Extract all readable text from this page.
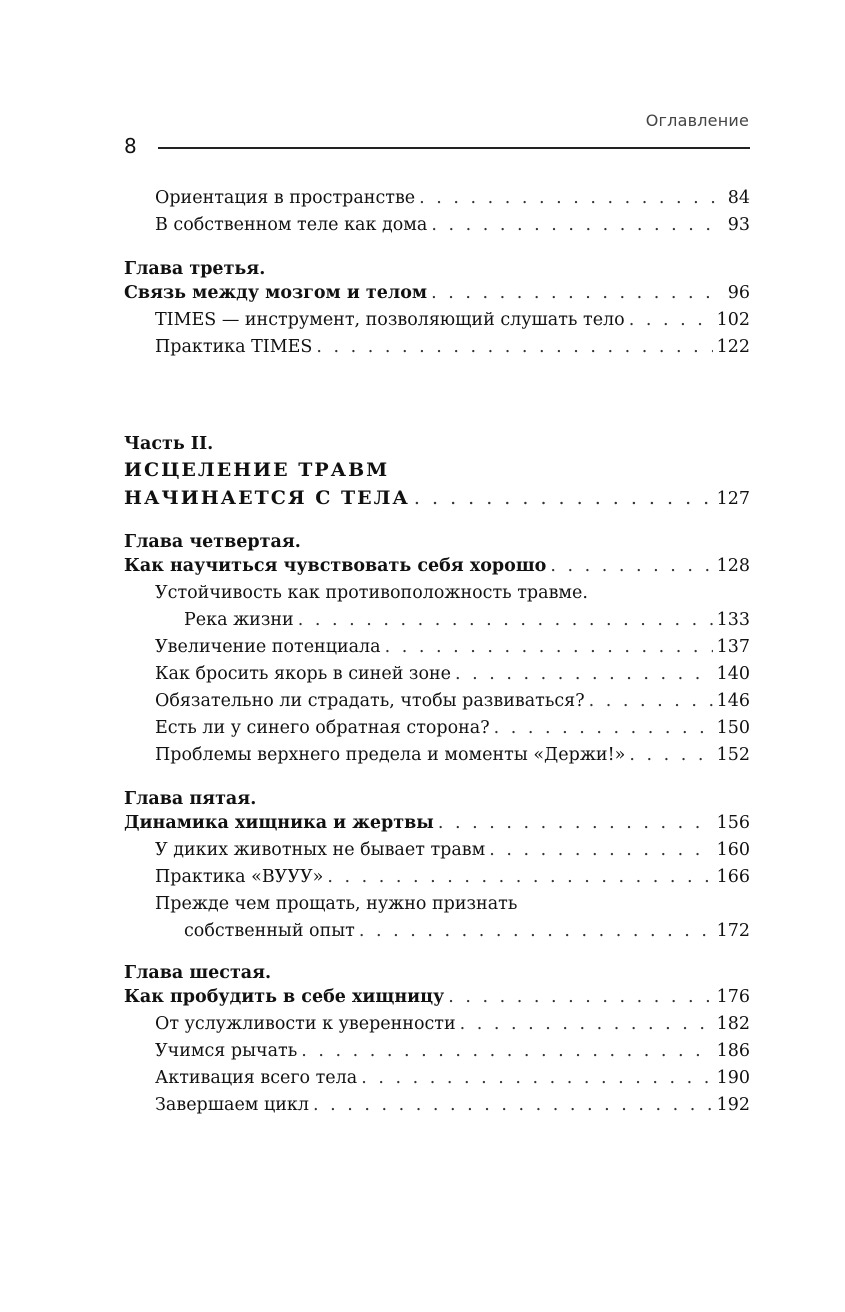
Оглавление
8
Ориентация в пространстве . . .	84
В собственном теле как дома . . .	93
Глава третья.
Связь между мозгом и телом . . .	96
TIMES — инструмент, позволяющий слушать тело . . .	102
Практика TIMES . . .	122
Часть II.
ИСЦЕЛЕНИЕ ТРАВМ
НАЧИНАЕТСЯ С ТЕЛА . . .	127
Глава четвертая.
Как научиться чувствовать себя хорошо . . .	128
Устойчивость как противоположность травме.
Река жизни . . .	133
Увеличение потенциала . . .	137
Как бросить якорь в синей зоне . . .	140
Обязательно ли страдать, чтобы развиваться? . . .	146
Есть ли у синего обратная сторона? . . .	150
Проблемы верхнего предела и моменты «Держи!» . . .	152
Глава пятая.
Динамика хищника и жертвы . . .	156
У диких животных не бывает травм . . .	160
Практика «ВУУУ» . . .	166
Прежде чем прощать, нужно признать
собственный опыт . . .	172
Глава шестая.
Как пробудить в себе хищницу . . .	176
От услужливости к уверенности . . .	182
Учимся рычать . . .	186
Активация всего тела . . .	190
Завершаем цикл . . .	192
